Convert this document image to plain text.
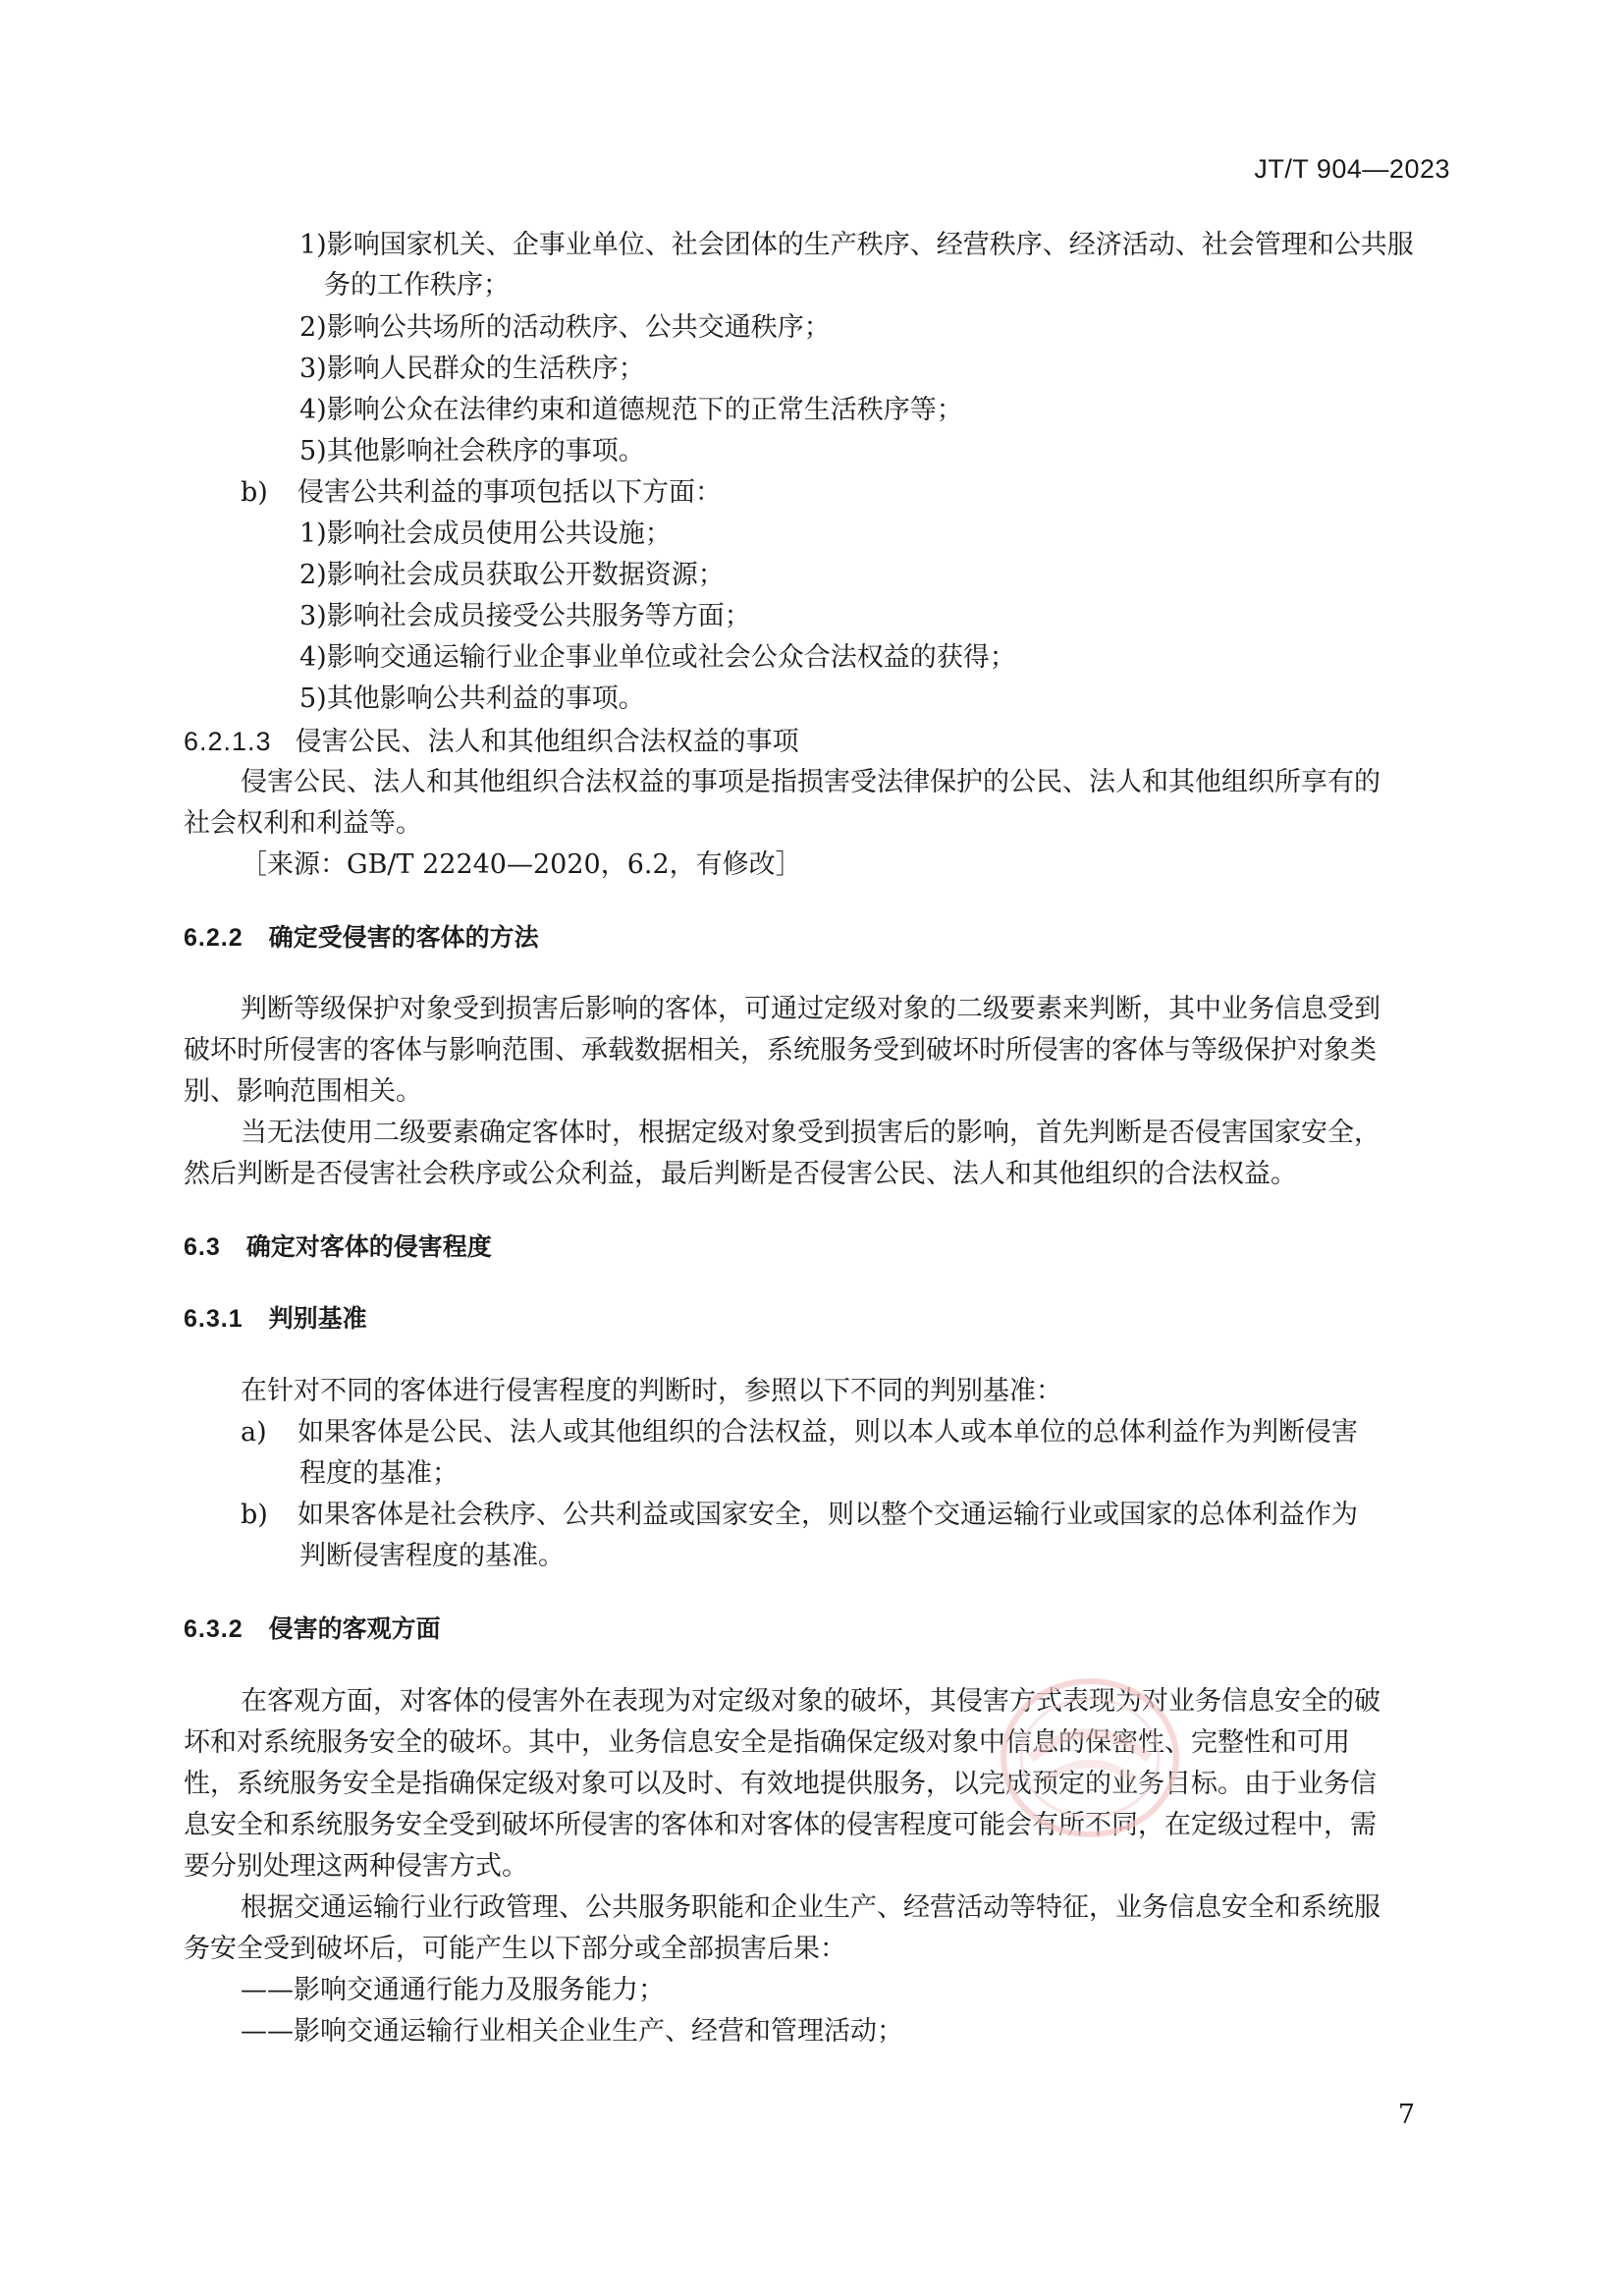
JT/T 904—2023
1)影响国家机关、企事业单位、社会团体的生产秩序、经营秩序、经济活动、社会管理和公共服
务的工作秩序；
2)影响公共场所的活动秩序、公共交通秩序；
3)影响人民群众的生活秩序；
4)影响公众在法律约束和道德规范下的正常生活秩序等；
5)其他影响社会秩序的事项。
b) 侵害公共利益的事项包括以下方面：
1)影响社会成员使用公共设施；
2)影响社会成员获取公开数据资源；
3)影响社会成员接受公共服务等方面；
4)影响交通运输行业企事业单位或社会公众合法权益的获得；
5)其他影响公共利益的事项。
6.2.1.3 侵害公民、法人和其他组织合法权益的事项
侵害公民、法人和其他组织合法权益的事项是指损害受法律保护的公民、法人和其他组织所享有的
社会权利和利益等。
［来源：GB/T 22240—2020，6.2，有修改］
6.2.2 确定受侵害的客体的方法
判断等级保护对象受到损害后影响的客体，可通过定级对象的二级要素来判断，其中业务信息受到
破坏时所侵害的客体与影响范围、承载数据相关，系统服务受到破坏时所侵害的客体与等级保护对象类
别、影响范围相关。
当无法使用二级要素确定客体时，根据定级对象受到损害后的影响，首先判断是否侵害国家安全，
然后判断是否侵害社会秩序或公众利益，最后判断是否侵害公民、法人和其他组织的合法权益。
6.3 确定对客体的侵害程度
6.3.1 判别基准
在针对不同的客体进行侵害程度的判断时，参照以下不同的判别基准：
a) 如果客体是公民、法人或其他组织的合法权益，则以本人或本单位的总体利益作为判断侵害
程度的基准；
b) 如果客体是社会秩序、公共利益或国家安全，则以整个交通运输行业或国家的总体利益作为
判断侵害程度的基准。
6.3.2 侵害的客观方面
在客观方面，对客体的侵害外在表现为对定级对象的破坏，其侵害方式表现为对业务信息安全的破
坏和对系统服务安全的破坏。其中，业务信息安全是指确保定级对象中信息的保密性、完整性和可用
性，系统服务安全是指确保定级对象可以及时、有效地提供服务，以完成预定的业务目标。由于业务信
息安全和系统服务安全受到破坏所侵害的客体和对客体的侵害程度可能会有所不同，在定级过程中，需
要分别处理这两种侵害方式。
根据交通运输行业行政管理、公共服务职能和企业生产、经营活动等特征，业务信息安全和系统服
务安全受到破坏后，可能产生以下部分或全部损害后果：
——影响交通通行能力及服务能力；
——影响交通运输行业相关企业生产、经营和管理活动；
7
